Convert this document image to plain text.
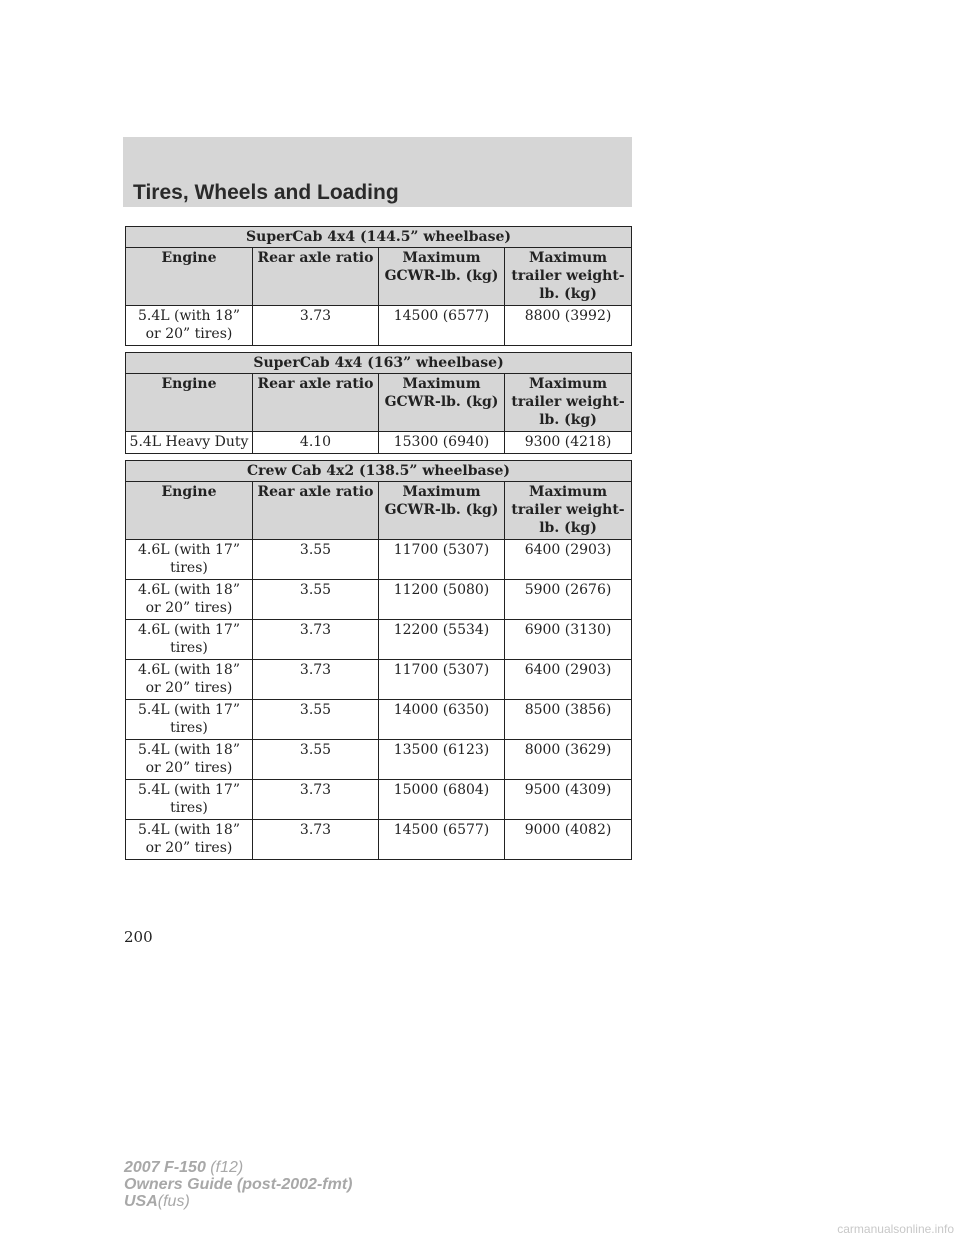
Tires, Wheels and Loading
SuperCab 4x4 (144.5” wheelbase)			
Engine	Rear axle ratio	Maximum GCWR-lb. (kg)	Maximum trailer weight-lb. (kg)
5.4L (with 18” or 20” tires)	3.73	14500 (6577)	8800 (3992)
SuperCab 4x4 (163” wheelbase)			
Engine	Rear axle ratio	Maximum GCWR-lb. (kg)	Maximum trailer weight-lb. (kg)
5.4L Heavy Duty	4.10	15300 (6940)	9300 (4218)
Crew Cab 4x2 (138.5” wheelbase)			
Engine	Rear axle ratio	Maximum GCWR-lb. (kg)	Maximum trailer weight-lb. (kg)
4.6L (with 17” tires)	3.55	11700 (5307)	6400 (2903)
4.6L (with 18” or 20” tires)	3.55	11200 (5080)	5900 (2676)
4.6L (with 17” tires)	3.73	12200 (5534)	6900 (3130)
4.6L (with 18” or 20” tires)	3.73	11700 (5307)	6400 (2903)
5.4L (with 17” tires)	3.55	14000 (6350)	8500 (3856)
5.4L (with 18” or 20” tires)	3.55	13500 (6123)	8000 (3629)
5.4L (with 17” tires)	3.73	15000 (6804)	9500 (4309)
5.4L (with 18” or 20” tires)	3.73	14500 (6577)	9000 (4082)
200
2007 F-150 (f12)
Owners Guide (post-2002-fmt)
USA(fus)
carmanualsonline.info
